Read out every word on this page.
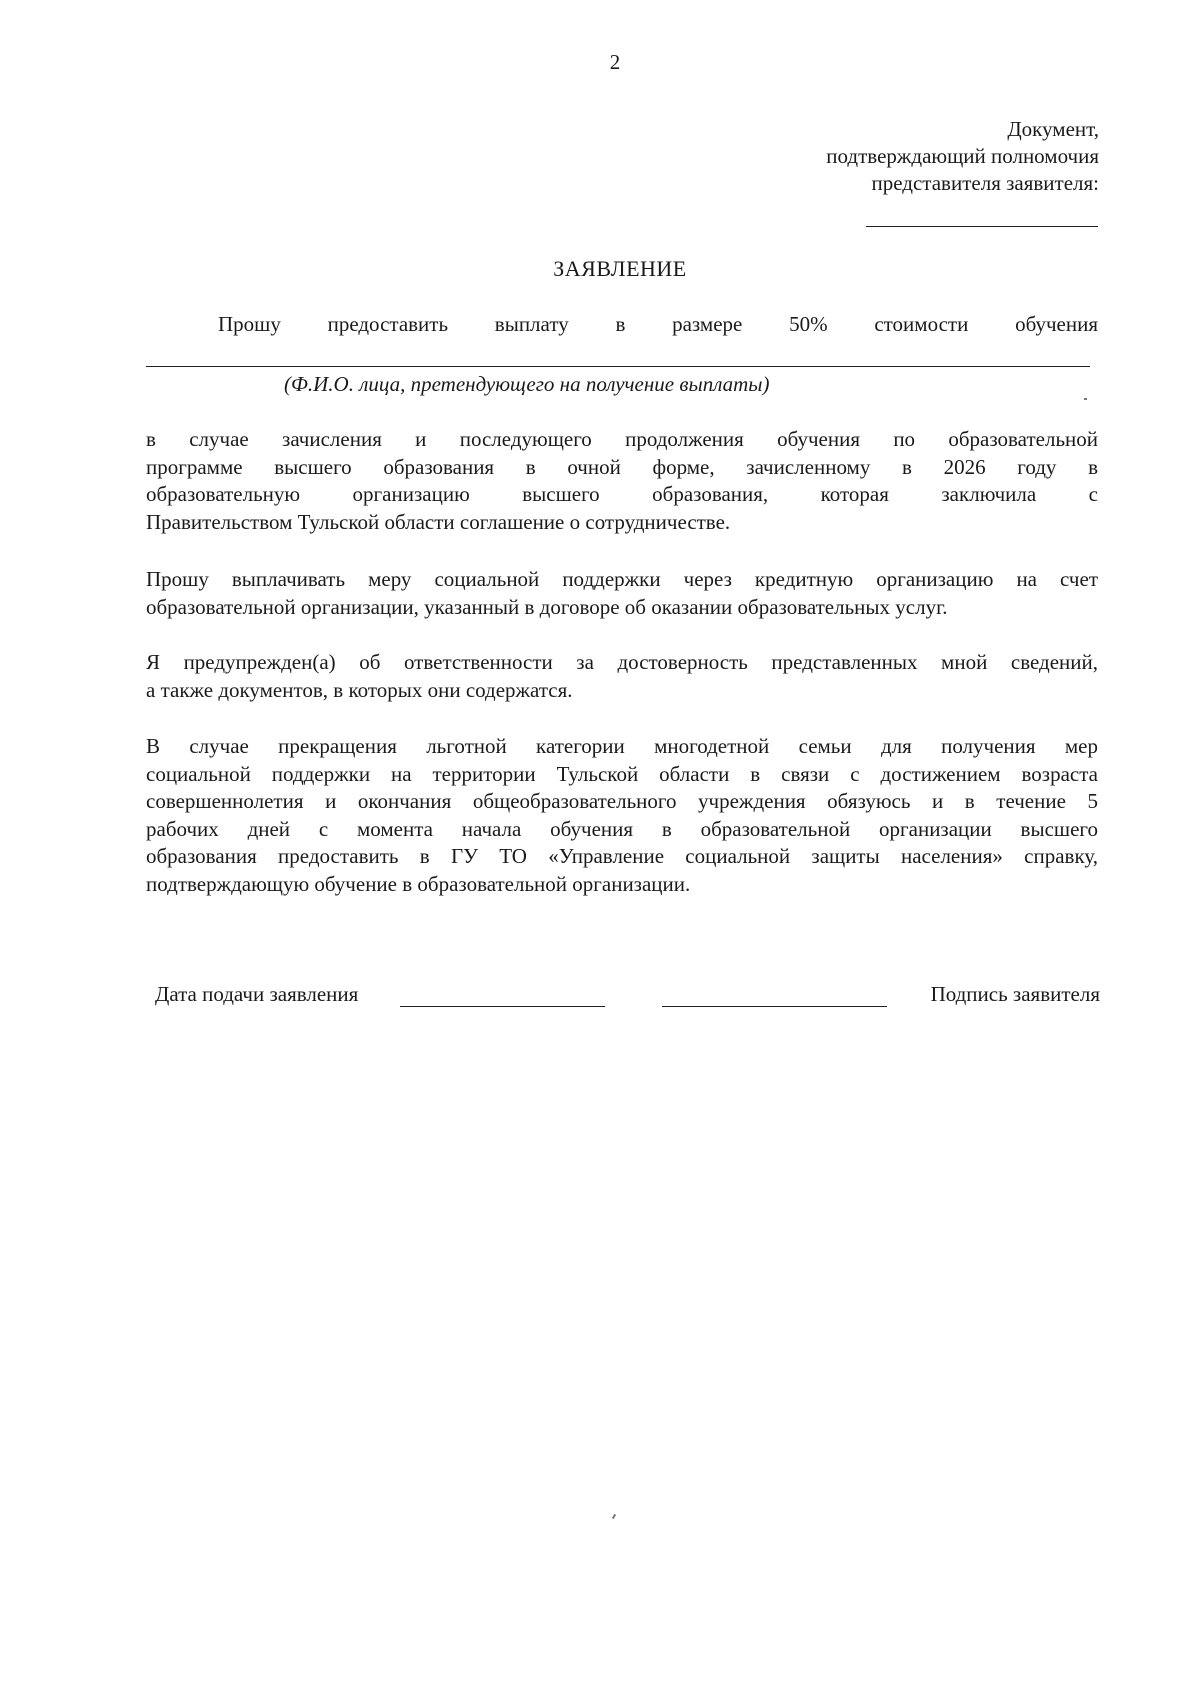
2
Документ,
подтверждающий полномочия
представителя заявителя:
ЗАЯВЛЕНИЕ
Прошу предоставить выплату в размере 50% стоимости обучения
(Ф.И.О. лица, претендующего на получение выплаты)
в случае зачисления и последующего продолжения обучения по образовательной
программе высшего образования в очной форме, зачисленному в 2026 году в
образовательную организацию высшего образования, которая заключила с
Правительством Тульской области соглашение о сотрудничестве.
Прошу выплачивать меру социальной поддержки через кредитную организацию на счет
образовательной организации, указанный в договоре об оказании образовательных услуг.
Я предупрежден(а) об ответственности за достоверность представленных мной сведений,
а также документов, в которых они содержатся.
В случае прекращения льготной категории многодетной семьи для получения мер
социальной поддержки на территории Тульской области в связи с достижением возраста
совершеннолетия и окончания общеобразовательного учреждения обязуюсь и в течение 5
рабочих дней с момента начала обучения в образовательной организации высшего
образования предоставить в ГУ ТО «Управление социальной защиты населения» справку,
подтверждающую обучение в образовательной организации.
Дата подачи заявления	Подпись заявителя
